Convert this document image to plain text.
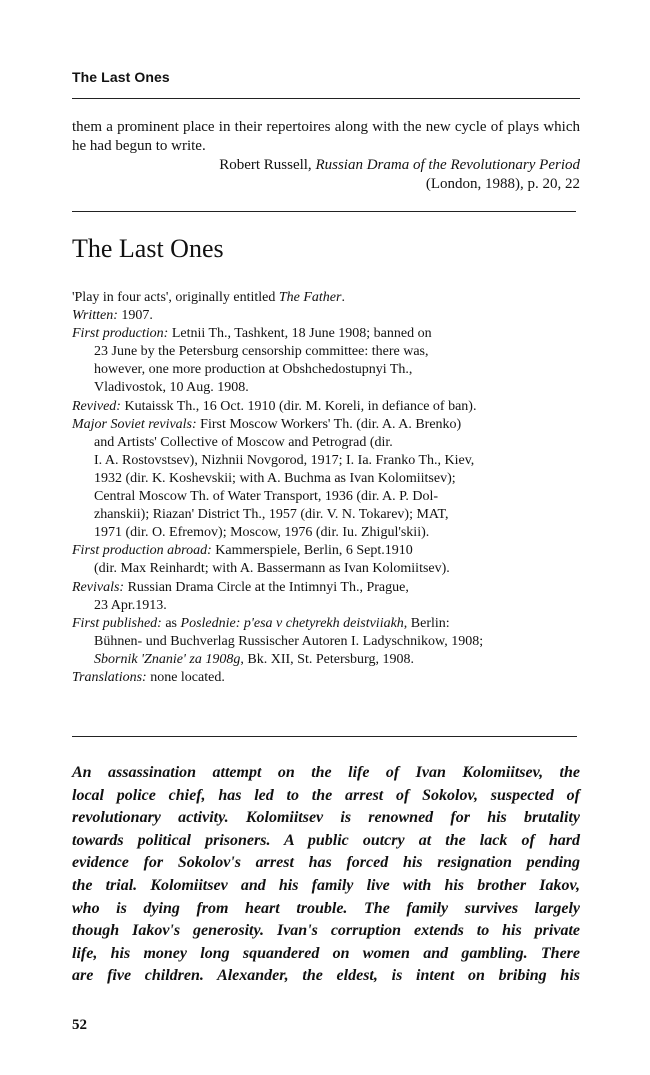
The Last Ones
them a prominent place in their repertoires along with the new cycle of plays which he had begun to write.
Robert Russell, Russian Drama of the Revolutionary Period
(London, 1988), p. 20, 22
The Last Ones

'Play in four acts', originally entitled The Father.

Written: 1907.

First production: Letnii Th., Tashkent, 18 June 1908; banned on
23 June by the Petersburg censorship committee: there was,
however, one more production at Obshchedostupnyi Th.,
Vladivostok, 10 Aug. 1908.

Revived: Kutaissk Th., 16 Oct. 1910 (dir. M. Koreli, in defiance of ban).

Major Soviet revivals: First Moscow Workers' Th. (dir. A. A. Brenko)
and Artists' Collective of Moscow and Petrograd (dir.
I. A. Rostovstsev), Nizhnii Novgorod, 1917; I. Ia. Franko Th., Kiev,
1932 (dir. K. Koshevskii; with A. Buchma as Ivan Kolomiitsev);
Central Moscow Th. of Water Transport, 1936 (dir. A. P. Dol-
zhanskii); Riazan' District Th., 1957 (dir. V. N. Tokarev); MAT,
1971 (dir. O. Efremov); Moscow, 1976 (dir. Iu. Zhigul'skii).

First production abroad: Kammerspiele, Berlin, 6 Sept.1910
(dir. Max Reinhardt; with A. Bassermann as Ivan Kolomiitsev).

Revivals: Russian Drama Circle at the Intimnyi Th., Prague,
23 Apr.1913.

First published: as Poslednie: p'esa v chetyrekh deistviiakh, Berlin:
Bühnen- und Buchverlag Russischer Autoren I. Ladyschnikow, 1908;
Sbornik 'Znanie' za 1908g, Bk. XII, St. Petersburg, 1908.

Translations: none located.

An assassination attempt on the life of Ivan Kolomiitsev, the
local police chief, has led to the arrest of Sokolov, suspected of
revolutionary activity. Kolomiitsev is renowned for his brutality
towards political prisoners. A public outcry at the lack of hard
evidence for Sokolov's arrest has forced his resignation pending
the trial. Kolomiitsev and his family live with his brother Iakov,
who is dying from heart trouble. The family survives largely
though Iakov's generosity. Ivan's corruption extends to his private
life, his money long squandered on women and gambling. There
are five children. Alexander, the eldest, is intent on bribing his
52
